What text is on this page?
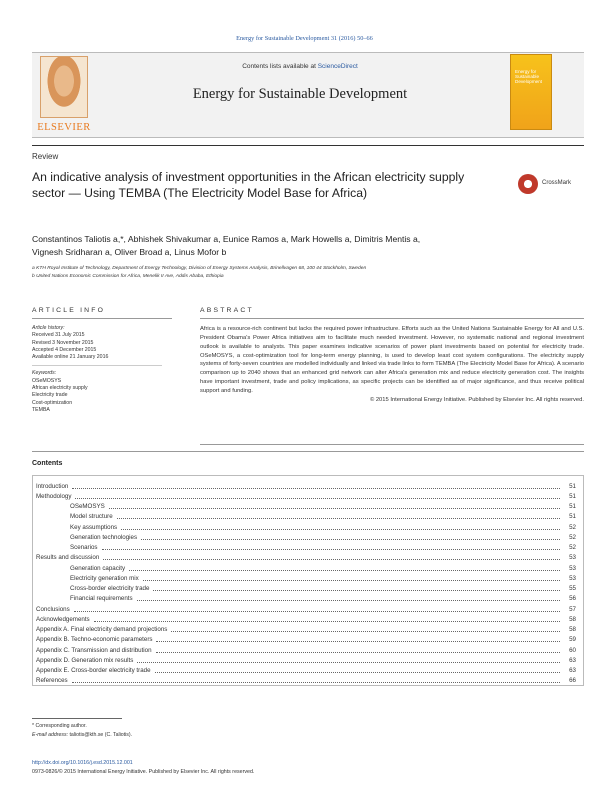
Energy for Sustainable Development 31 (2016) 50–66
ELSEVIER
Contents lists available at ScienceDirect
Energy for Sustainable Development
Energy for Sustainable Development
Review
An indicative analysis of investment opportunities in the African electricity supply sector — Using TEMBA (The Electricity Model Base for Africa)
CrossMark
Constantinos Taliotis a,*, Abhishek Shivakumar a, Eunice Ramos a, Mark Howells a, Dimitris Mentis a,
Vignesh Sridharan a, Oliver Broad a, Linus Mofor b
a KTH Royal Institute of Technology, Department of Energy Technology, Division of Energy Systems Analysis, Brinellvagen 68, 100 44 Stockholm, Sweden
b United Nations Economic Commission for Africa, Menelik II Ave, Addis Ababa, Ethiopia
ARTICLE INFO	ABSTRACT
Article history:
Received 31 July 2015
Revised 3 November 2015
Accepted 4 December 2015
Available online 21 January 2016
Keywords:
OSeMOSYS
African electricity supply
Electricity trade
Cost-optimization
TEMBA
Africa is a resource-rich continent but lacks the required power infrastructure. Efforts such as the United Nations Sustainable Energy for All and U.S. President Obama's Power Africa initiatives aim to facilitate much needed investment. However, no systematic national and regional investment outlook is available to analysts. This paper examines indicative scenarios of power plant investments based on potential for electricity trade. OSeMOSYS, a cost-optimization tool for long-term energy planning, is used to develop least cost system configurations. The electricity supply systems of forty-seven countries are modelled individually and linked via trade links to form TEMBA (The Electricity Model Base for Africa). A scenario comparison up to 2040 shows that an enhanced grid network can alter Africa's generation mix and reduce electricity generation cost. The insights have important investment, trade and policy implications, as specific projects can be identified as of major significance, and thus receive political support and funding.
© 2015 International Energy Initiative. Published by Elsevier Inc. All rights reserved.
Contents
Introduction	51
Methodology	51
OSeMOSYS	51
Model structure	51
Key assumptions	52
Generation technologies	52
Scenarios	52
Results and discussion	53
Generation capacity	53
Electricity generation mix	53
Cross-border electricity trade	55
Financial requirements	56
Conclusions	57
Acknowledgements	58
Appendix A. Final electricity demand projections	58
Appendix B. Techno-economic parameters	59
Appendix C. Transmission and distribution	60
Appendix D. Generation mix results	63
Appendix E. Cross-border electricity trade	63
References	66
* Corresponding author.
E-mail address: taliotis@kth.se (C. Taliotis).
http://dx.doi.org/10.1016/j.esd.2015.12.001
0973-0826/© 2015 International Energy Initiative. Published by Elsevier Inc. All rights reserved.
